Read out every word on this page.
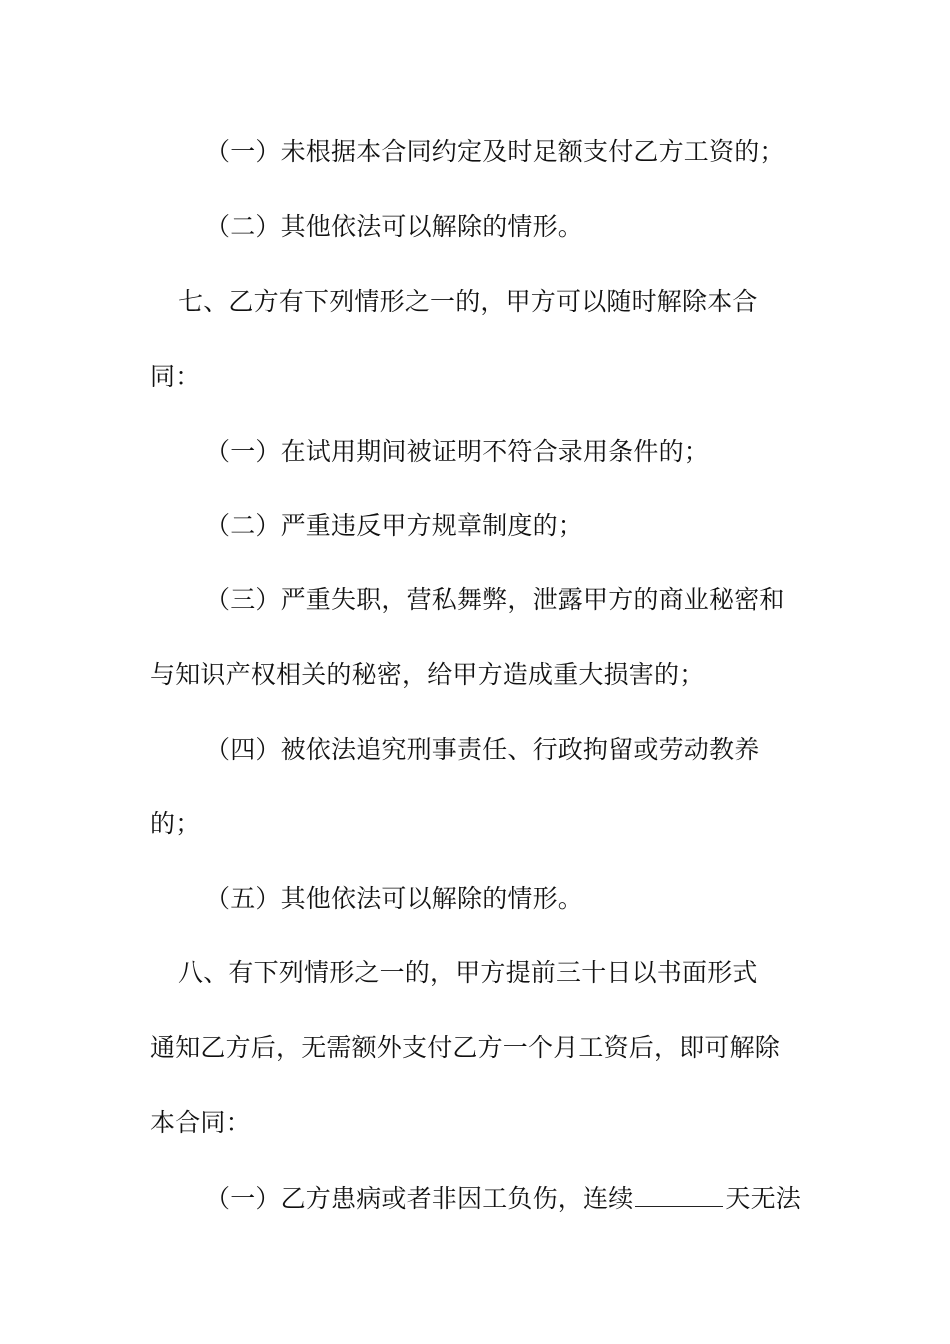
（一）未根据本合同约定及时足额支付乙方工资的；
（二）其他依法可以解除的情形。
七、乙方有下列情形之一的，甲方可以随时解除本合
同：
（一）在试用期间被证明不符合录用条件的；
（二）严重违反甲方规章制度的；
（三）严重失职，营私舞弊，泄露甲方的商业秘密和
与知识产权相关的秘密，给甲方造成重大损害的；
（四）被依法追究刑事责任、行政拘留或劳动教养
的；
（五）其他依法可以解除的情形。
八、有下列情形之一的，甲方提前三十日以书面形式
通知乙方后，无需额外支付乙方一个月工资后，即可解除
本合同：
（一）乙方患病或者非因工负伤，连续	天无法
